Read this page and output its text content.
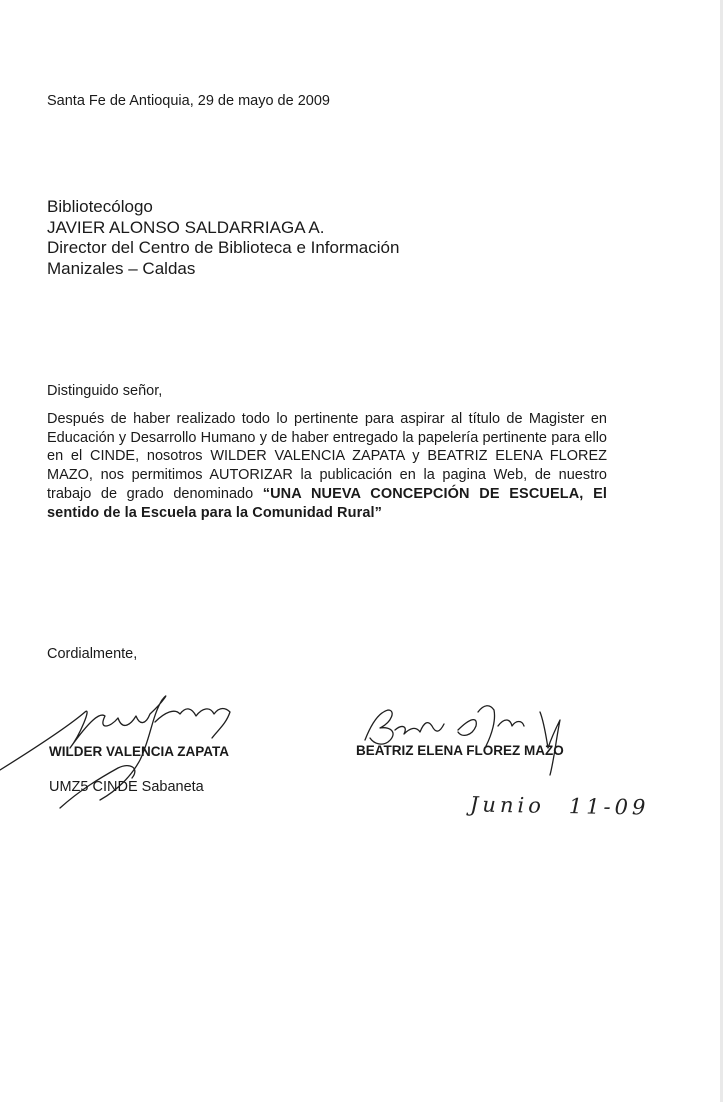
Santa Fe de Antioquia, 29 de mayo de 2009
Bibliotecólogo
JAVIER ALONSO SALDARRIAGA A.
Director del Centro de Biblioteca e Información
Manizales – Caldas
Distinguido señor,
Después de haber realizado todo lo pertinente para aspirar al título de Magister en Educación y Desarrollo Humano y de haber entregado la papelería pertinente para ello en el CINDE, nosotros WILDER VALENCIA ZAPATA y BEATRIZ ELENA FLOREZ MAZO, nos permitimos AUTORIZAR la publicación en la pagina Web, de nuestro trabajo de grado denominado “UNA NUEVA CONCEPCIÓN DE ESCUELA, El sentido de la Escuela para la Comunidad Rural”
Cordialmente,
WILDER VALENCIA ZAPATA
UMZ5 CINDE Sabaneta
BEATRIZ ELENA FLOREZ MAZO
Junio 11-09
